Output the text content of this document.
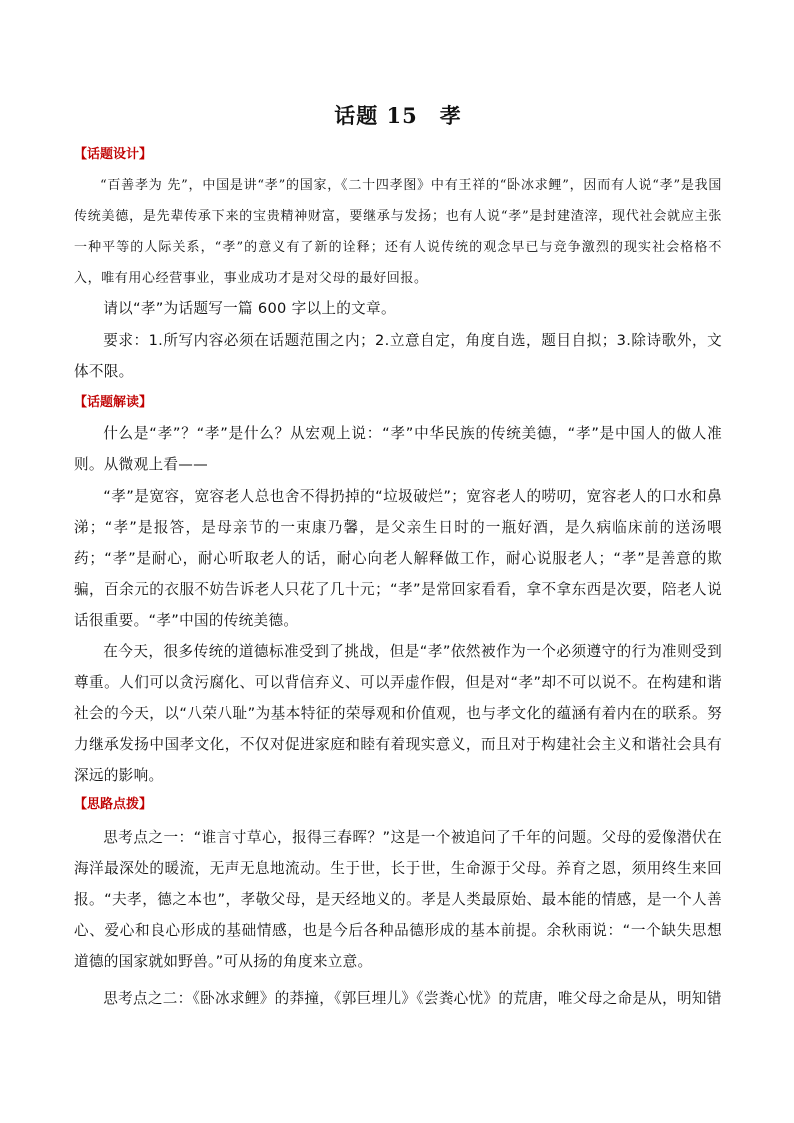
话题 15　孝
【话题设计】

“百善孝为 先”，中国是讲“孝”的国家，《二十四孝图》中有王祥的“卧冰求鲤”，因而有人说“孝”是我国传统美德，是先辈传承下来的宝贵精神财富，要继承与发扬；也有人说“孝”是封建渣滓，现代社会就应主张一种平等的人际关系，“孝”的意义有了新的诠释；还有人说传统的观念早已与竞争激烈的现实社会格格不入，唯有用心经营事业，事业成功才是对父母的最好回报。

请以“孝”为话题写一篇 600 字以上的文章。

要求：1.所写内容必须在话题范围之内；2.立意自定，角度自选，题目自拟；3.除诗歌外，文体不限。

【话题解读】

什么是“孝”？“孝”是什么？从宏观上说：“孝”中华民族的传统美德，“孝”是中国人的做人准则。从微观上看——

“孝”是宽容，宽容老人总也舍不得扔掉的“垃圾破烂”；宽容老人的唠叨，宽容老人的口水和鼻涕；“孝”是报答，是母亲节的一束康乃馨，是父亲生日时的一瓶好酒，是久病临床前的送汤喂药；“孝”是耐心，耐心听取老人的话，耐心向老人解释做工作，耐心说服老人；“孝”是善意的欺骗，百余元的衣服不妨告诉老人只花了几十元；“孝”是常回家看看，拿不拿东西是次要，陪老人说话很重要。“孝”中国的传统美德。

在今天，很多传统的道德标准受到了挑战，但是“孝”依然被作为一个必须遵守的行为准则受到尊重。人们可以贪污腐化、可以背信弃义、可以弄虚作假，但是对“孝”却不可以说不。在构建和谐社会的今天，以“八荣八耻”为基本特征的荣辱观和价值观，也与孝文化的蕴涵有着内在的联系。努力继承发扬中国孝文化，不仅对促进家庭和睦有着现实意义，而且对于构建社会主义和谐社会具有深远的影响。

【思路点拨】

思考点之一：“谁言寸草心，报得三春晖？”这是一个被追问了千年的问题。父母的爱像潜伏在海洋最深处的暖流，无声无息地流动。生于世，长于世，生命源于父母。养育之恩，须用终生来回报。“夫孝，德之本也”，孝敬父母，是天经地义的。孝是人类最原始、最本能的情感，是一个人善心、爱心和良心形成的基础情感，也是今后各种品德形成的基本前提。余秋雨说：“一个缺失思想道德的国家就如野兽。”可从扬的角度来立意。

思考点之二：《卧冰求鲤》的莽撞，《郭巨埋儿》《尝粪心忧》的荒唐，唯父母之命是从，明知错
